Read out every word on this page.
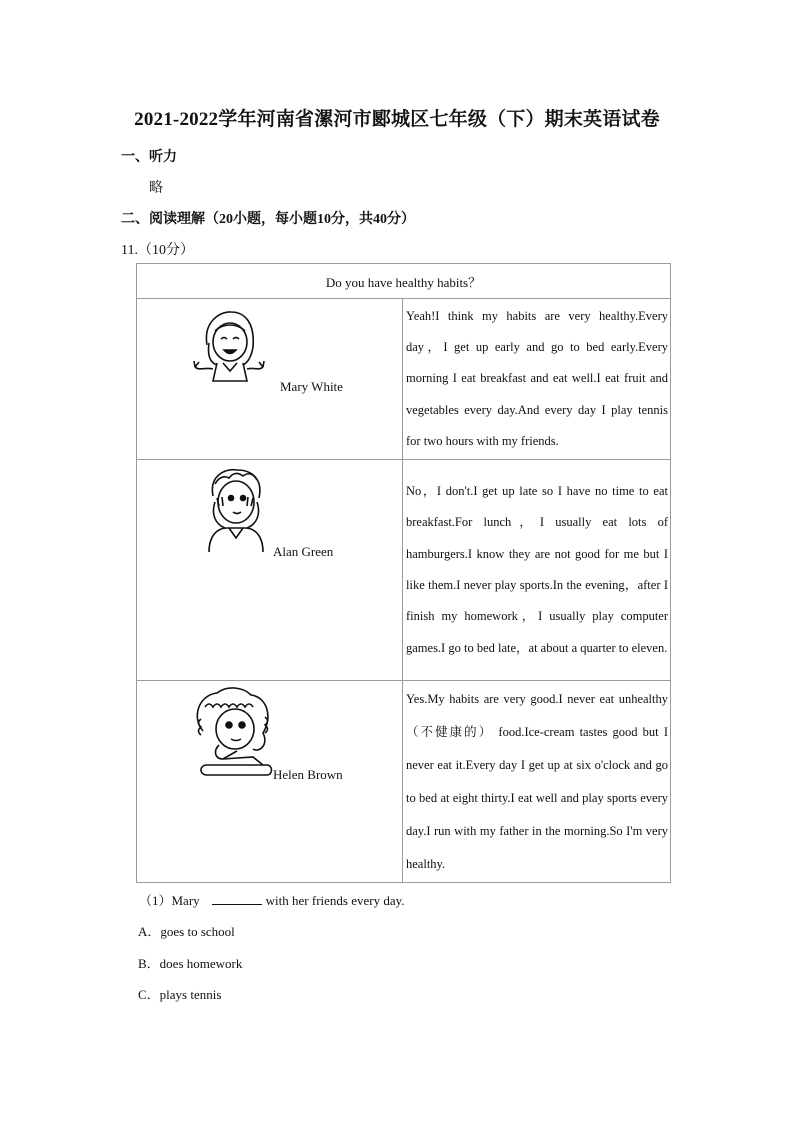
2021-2022学年河南省漯河市郾城区七年级（下）期末英语试卷
一、听力
略
二、阅读理解（20小题，每小题10分，共40分）
11.（10分）
Do you have healthy habits？	

Mary White	Yeah!I think my habits are very healthy.Every day，I get up early and go to bed early.Every morning I eat breakfast and eat well.I eat fruit and vegetables every day.And every day I play tennis for two hours with my friends.

Alan Green	No，I don't.I get up late so I have no time to eat breakfast.For lunch，I usually eat lots of hamburgers.I know they are not good for me but I like them.I never play sports.In the evening，after I finish my homework，I usually play computer games.I go to bed late，at about a quarter to eleven.

Helen Brown	Yes.My habits are very good.I never eat unhealthy （不健康的） food.Ice-cream tastes good but I never eat it.Every day I get up at six o'clock and go to bed at eight thirty.I eat well and play sports every day.I run with my father in the morning.So I'm very healthy.
（1）Mary	with her friends every day.
A．goes to school
B．does homework
C．plays tennis
